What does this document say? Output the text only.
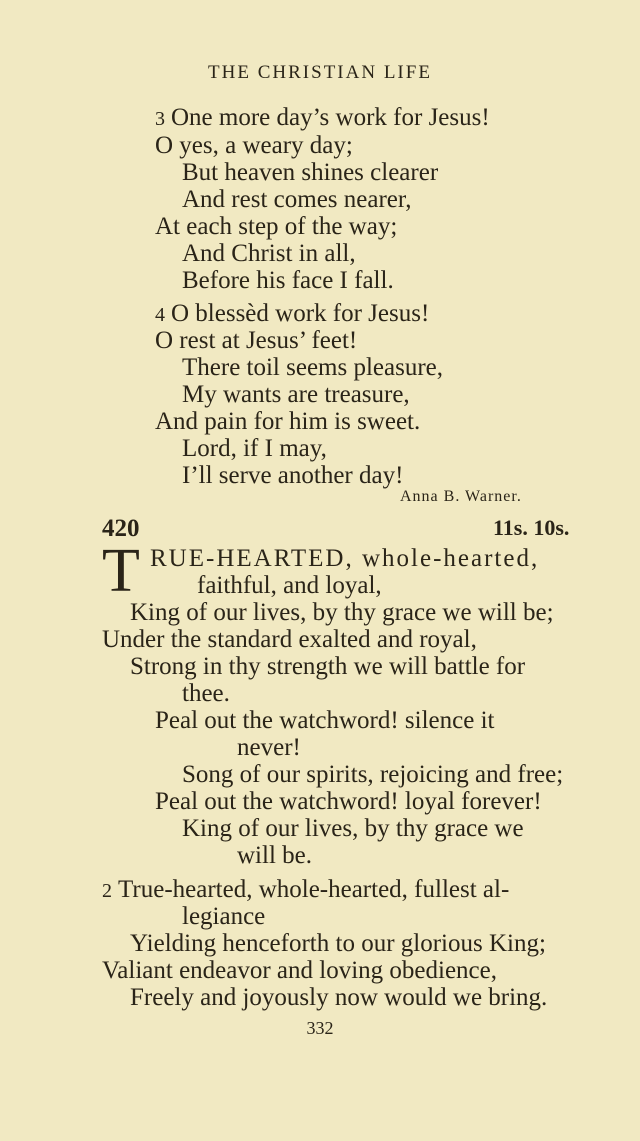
THE CHRISTIAN LIFE
3 One more day’s work for Jesus!
O yes, a weary day;
But heaven shines clearer
And rest comes nearer,
At each step of the way;
And Christ in all,
Before his face I fall.
4 O blessèd work for Jesus!
O rest at Jesus’ feet!
There toil seems pleasure,
My wants are treasure,
And pain for him is sweet.
Lord, if I may,
I’ll serve another day!
Anna B. Warner.
420	11s. 10s.
T RUE-HEARTED, whole-hearted,
faithful, and loyal,
King of our lives, by thy grace we will be;
Under the standard exalted and royal,
Strong in thy strength we will battle for
thee.
Peal out the watchword! silence it
never!
Song of our spirits, rejoicing and free;
Peal out the watchword! loyal forever!
King of our lives, by thy grace we
will be.
2 True-hearted, whole-hearted, fullest al-
legiance
Yielding henceforth to our glorious King;
Valiant endeavor and loving obedience,
Freely and joyously now would we bring.
332
